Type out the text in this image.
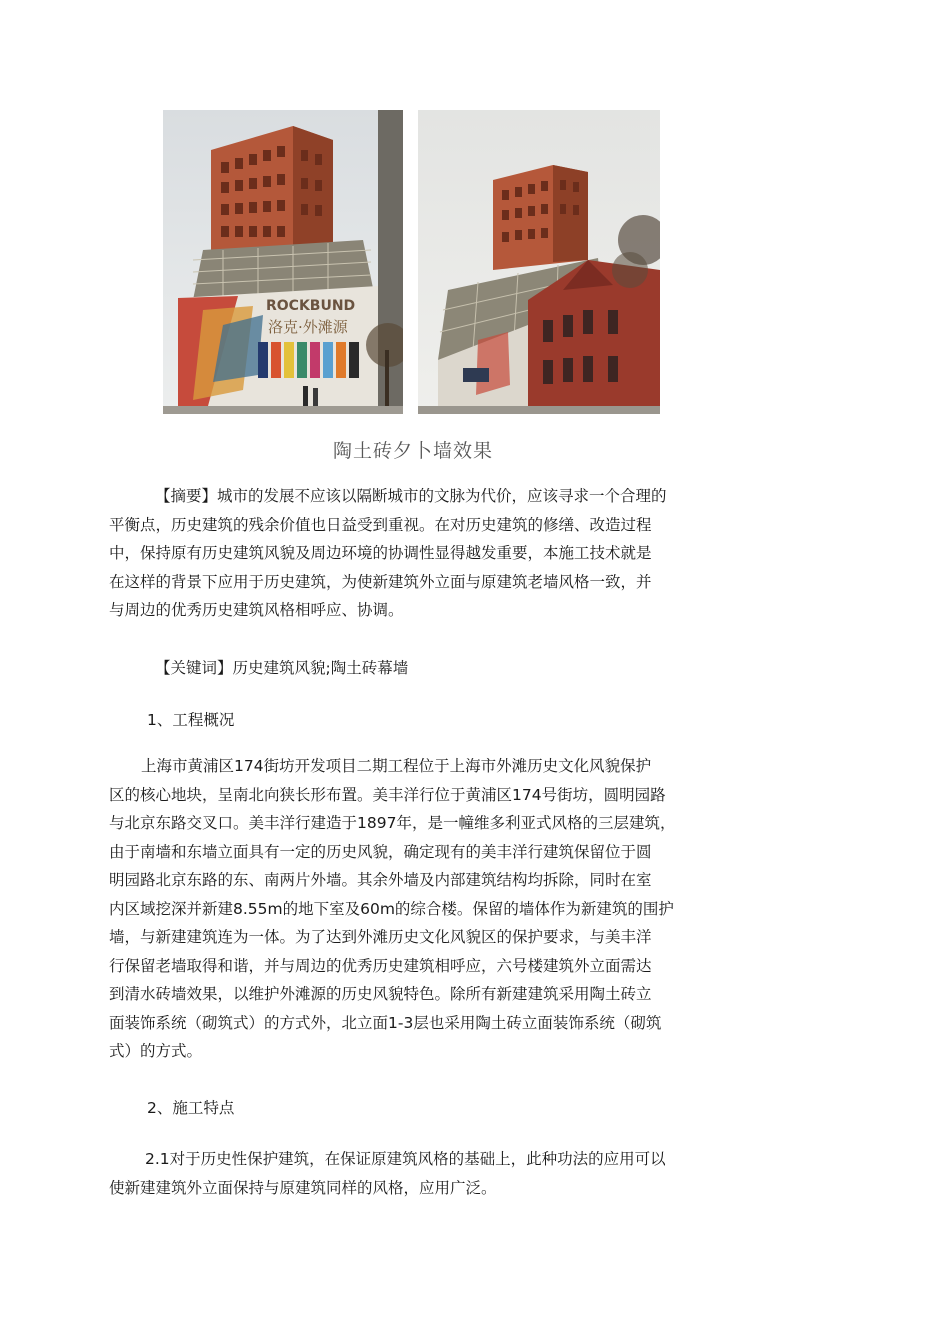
ROCKBUND
洛克·外滩源
陶土砖夕卜墙效果
【摘要】城市的发展不应该以隔断城市的文脉为代价，应该寻求一个合理的
平衡点，历史建筑的残余价值也日益受到重视。在对历史建筑的修缮、改造过程
中，保持原有历史建筑风貌及周边环境的协调性显得越发重要，本施工技术就是
在这样的背景下应用于历史建筑，为使新建筑外立面与原建筑老墙风格一致，并
与周边的优秀历史建筑风格相呼应、协调。
【关键词】历史建筑风貌;陶土砖幕墙
1、工程概况
上海市黄浦区174街坊开发项目二期工程位于上海市外滩历史文化风貌保护
区的核心地块，呈南北向狭长形布置。美丰洋行位于黄浦区174号街坊，圆明园路
与北京东路交叉口。美丰洋行建造于1897年，是一幢维多利亚式风格的三层建筑，
由于南墙和东墙立面具有一定的历史风貌，确定现有的美丰洋行建筑保留位于圆
明园路北京东路的东、南两片外墙。其余外墙及内部建筑结构均拆除，同时在室
内区域挖深并新建8.55m的地下室及60m的综合楼。保留的墙体作为新建筑的围护
墙，与新建建筑连为一体。为了达到外滩历史文化风貌区的保护要求，与美丰洋
行保留老墙取得和谐，并与周边的优秀历史建筑相呼应，六号楼建筑外立面需达
到清水砖墙效果，以维护外滩源的历史风貌特色。除所有新建建筑采用陶土砖立
面装饰系统（砌筑式）的方式外，北立面1-3层也采用陶土砖立面装饰系统（砌筑
式）的方式。
2、施工特点
2.1对于历史性保护建筑，在保证原建筑风格的基础上，此种功法的应用可以
使新建建筑外立面保持与原建筑同样的风格，应用广泛。
